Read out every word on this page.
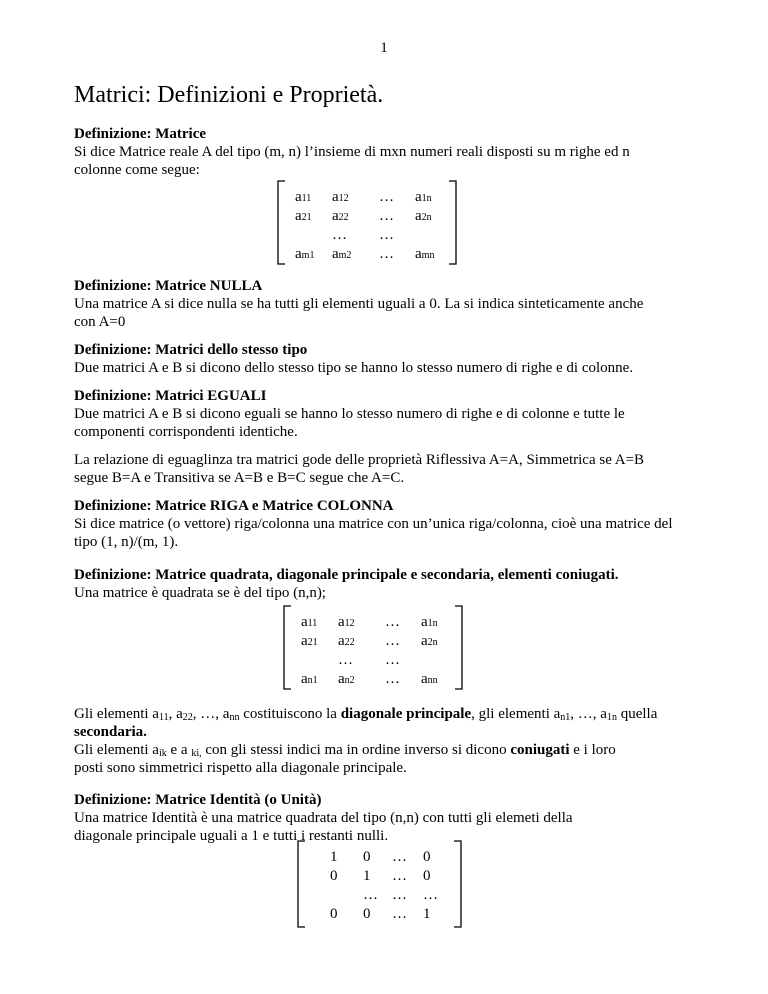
1
Matrici: Definizioni e Proprietà.
Definizione: Matrice
Si dice Matrice reale A del tipo (m, n) l’insieme di mxn numeri reali disposti su m righe ed n colonne come segue:
a11 a12 … a1n
a21 a22 … a2n
… …
am1 am2 … amn
Definizione: Matrice NULLA
Una matrice A si dice nulla se ha tutti gli elementi uguali a 0. La si indica sinteticamente anche con A=0
Definizione: Matrici dello stesso tipo
Due matrici A e B si dicono dello stesso tipo se hanno lo stesso numero di righe e di colonne.
Definizione: Matrici EGUALI
Due matrici A e B si dicono eguali se hanno lo stesso numero di righe e di colonne e tutte le componenti corrispondenti identiche.
La relazione di eguaglinza tra matrici gode delle proprietà Riflessiva A=A, Simmetrica se A=B segue B=A e Transitiva se A=B e B=C segue che A=C.
Definizione: Matrice RIGA e Matrice COLONNA
Si dice matrice (o vettore) riga/colonna una matrice con un’unica riga/colonna, cioè una matrice del tipo (1, n)/(m, 1).
Definizione: Matrice quadrata, diagonale principale e secondaria, elementi coniugati.
Una matrice è quadrata se è del tipo (n,n);
a11 a12 … a1n
a21 a22 … a2n
… …
an1 an2 … ann
Gli elementi $a_{11}$, $a_{22}$, …, $a_{nn}$ costituiscono la diagonale principale, gli elementi $a_{n1}$, …, $a_{1n}$ quella secondaria.
Gli elementi $a_{ik}$ e a $_{ki,}$ con gli stessi indici ma in ordine inverso si dicono coniugati e i loro posti sono simmetrici rispetto alla diagonale principale.
Definizione: Matrice Identità (o Unità)
Una matrice Identità è una matrice quadrata del tipo (n,n) con tutti gli elemeti della diagonale principale uguali a 1 e tutti i restanti nulli.
1 0 … 0
0 1 … 0
… … …
0 0 … 1
